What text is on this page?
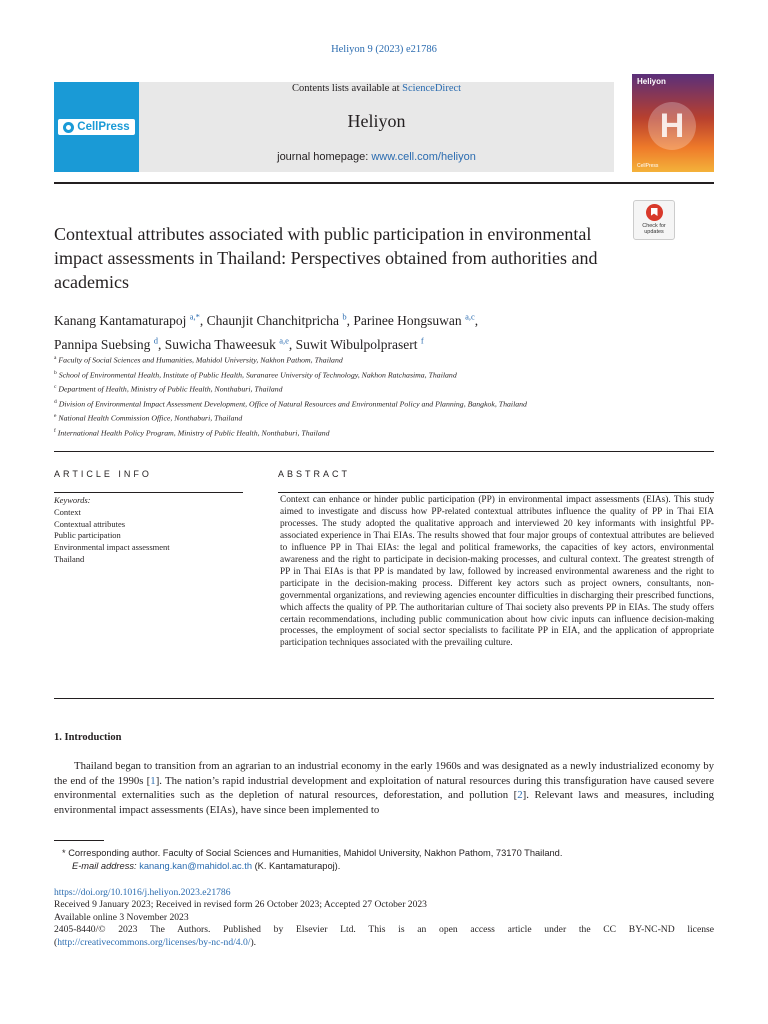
Heliyon 9 (2023) e21786
CellPress
Contents lists available at ScienceDirect
Heliyon
journal homepage: www.cell.com/heliyon
Heliyon
H
CellPress
Check for
updates
Contextual attributes associated with public participation in environmental impact assessments in Thailand: Perspectives obtained from authorities and academics
Kanang Kantamaturapoj $^{a,*}$, Chaunjit Chanchitpricha $^b$, Parinee Hongsuwan $^{a,c}$,
Pannipa Suebsing $^d$, Suwicha Thaweesuk $^{a,e}$, Suwit Wibulpolprasert $^f$

$^a$ Faculty of Social Sciences and Humanities, Mahidol University, Nakhon Pathom, Thailand

$^b$ School of Environmental Health, Institute of Public Health, Suranaree University of Technology, Nakhon Ratchasima, Thailand

$^c$ Department of Health, Ministry of Public Health, Nonthaburi, Thailand

$^d$ Division of Environmental Impact Assessment Development, Office of Natural Resources and Environmental Policy and Planning, Bangkok, Thailand

$^e$ National Health Commission Office, Nonthaburi, Thailand

$^f$ International Health Policy Program, Ministry of Public Health, Nonthaburi, Thailand

ARTICLE INFO	ABSTRACT
Keywords:
Context
Contextual attributes
Public participation
Environmental impact assessment
Thailand

Context can enhance or hinder public participation (PP) in environmental impact assessments (EIAs). This study aimed to investigate and discuss how PP-related contextual attributes influence the quality of PP in Thai EIA processes. The study adopted the qualitative approach and interviewed 20 key informants with insightful PP-associated experience in Thai EIAs. The results showed that four major groups of contextual attributes are believed to influence PP in Thai EIAs: the legal and political frameworks, the capacities of key actors, environmental awareness and the right to participate in decision-making processes, and cultural context. The greatest strength of PP in Thai EIAs is that PP is mandated by law, followed by increased environmental awareness and the right to participate in the decision-making process. Different key actors such as project owners, consultants, non-governmental organizations, and reviewing agencies encounter difficulties in discharging their prescribed functions, which affects the quality of PP. The authoritarian culture of Thai society also prevents PP in EIAs. The study offers certain recommendations, including public communication about how civic inputs can influence decision-making processes, the employment of social sector specialists to facilitate PP in EIA, and the application of appropriate participation techniques associated with the prevailing culture.

1. Introduction

Thailand began to transition from an agrarian to an industrial economy in the early 1960s and was designated as a newly industrialized economy by the end of the 1990s [1]. The nation’s rapid industrial development and exploitation of natural resources during this transfiguration have caused severe environmental externalities such as the depletion of natural resources, deforestation, and pollution [2]. Relevant laws and measures, including environmental impact assessments (EIAs), have since been implemented to

* Corresponding author. Faculty of Social Sciences and Humanities, Mahidol University, Nakhon Pathom, 73170 Thailand.

E-mail address: kanang.kan@mahidol.ac.th (K. Kantamaturapoj).

https://doi.org/10.1016/j.heliyon.2023.e21786

Received 9 January 2023; Received in revised form 26 October 2023; Accepted 27 October 2023

Available online 3 November 2023

2405-8440/© 2023 The Authors. Published by Elsevier Ltd. This is an open access article under the CC BY-NC-ND license

(http://creativecommons.org/licenses/by-nc-nd/4.0/).
